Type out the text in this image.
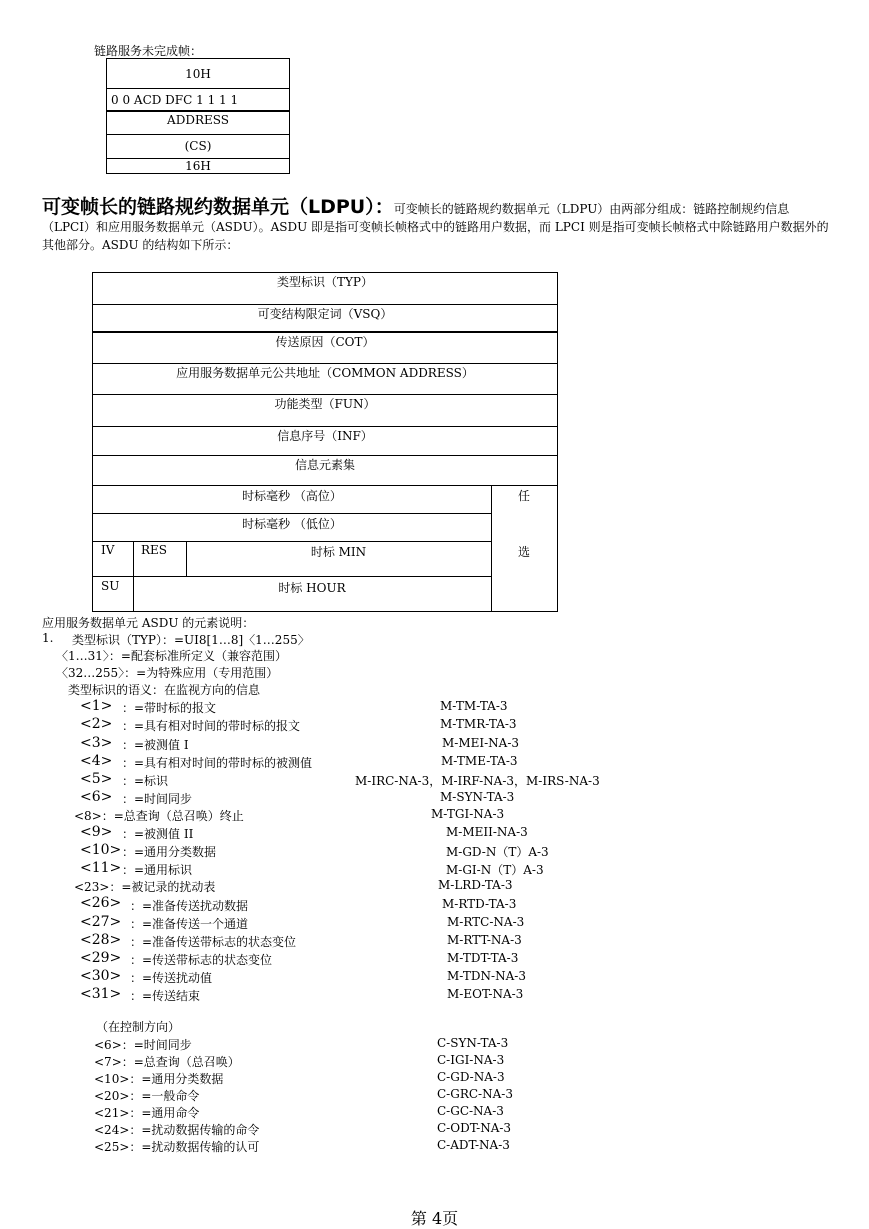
链路服务未完成帧：
10H
0 0 ACD DFC 1 1 1 1
ADDRESS
(CS)
16H
可变帧长的链路规约数据单元（LDPU）：可变帧长的链路规约数据单元（LDPU）由两部分组成：链路控制规约信息（LPCI）和应用服务数据单元（ASDU）。ASDU 即是指可变帧长帧格式中的链路用户数据，而 LPCI 则是指可变帧长帧格式中除链路用户数据外的其他部分。ASDU 的结构如下所示：
类型标识（TYP）
可变结构限定词（VSQ）
传送原因（COT）
应用服务数据单元公共地址（COMMON ADDRESS）
功能类型（FUN）
信息序号（INF）
信息元素集
时标毫秒 （高位）
时标毫秒 （低位）
IV RES	时标 MIN
SU	时标 HOUR
任
选
应用服务数据单元 ASDU 的元素说明：
1. 类型标识（TYP）：=UI8[1…8]〈1…255〉
〈1…31〉：=配套标准所定义（兼容范围）
〈32…255〉：=为特殊应用（专用范围）
类型标识的语义：在监视方向的信息
<1> ：=带时标的报文	M-TM-TA-3
<2> ：=具有相对时间的带时标的报文	M-TMR-TA-3
<3> ：=被测值 I	M-MEI-NA-3
<4> ：=具有相对时间的带时标的被测值	M-TME-TA-3
<5> ：=标识	M-IRC-NA-3，M-IRF-NA-3，M-IRS-NA-3
<6> ：=时间同步	M-SYN-TA-3
<8>：=总查询（总召唤）终止	M-TGI-NA-3
<9> ：=被测值 II	M-MEII-NA-3
<10> ：=通用分类数据	M-GD-N（T）A-3
<11> ：=通用标识	M-GI-N（T）A-3
<23>：=被记录的扰动表	M-LRD-TA-3
<26> ：=准备传送扰动数据	M-RTD-TA-3
<27> ：=准备传送一个通道	M-RTC-NA-3
<28> ：=准备传送带标志的状态变位	M-RTT-NA-3
<29> ：=传送带标志的状态变位	M-TDT-TA-3
<30> ：=传送扰动值	M-TDN-NA-3
<31> ：=传送结束	M-EOT-NA-3
（在控制方向）
<6>：=时间同步	C-SYN-TA-3
<7>：=总查询（总召唤）	C-IGI-NA-3
<10>：=通用分类数据	C-GD-NA-3
<20>：=一般命令	C-GRC-NA-3
<21>：=通用命令	C-GC-NA-3
<24>：=扰动数据传输的命令	C-ODT-NA-3
<25>：=扰动数据传输的认可	C-ADT-NA-3
第 4页
